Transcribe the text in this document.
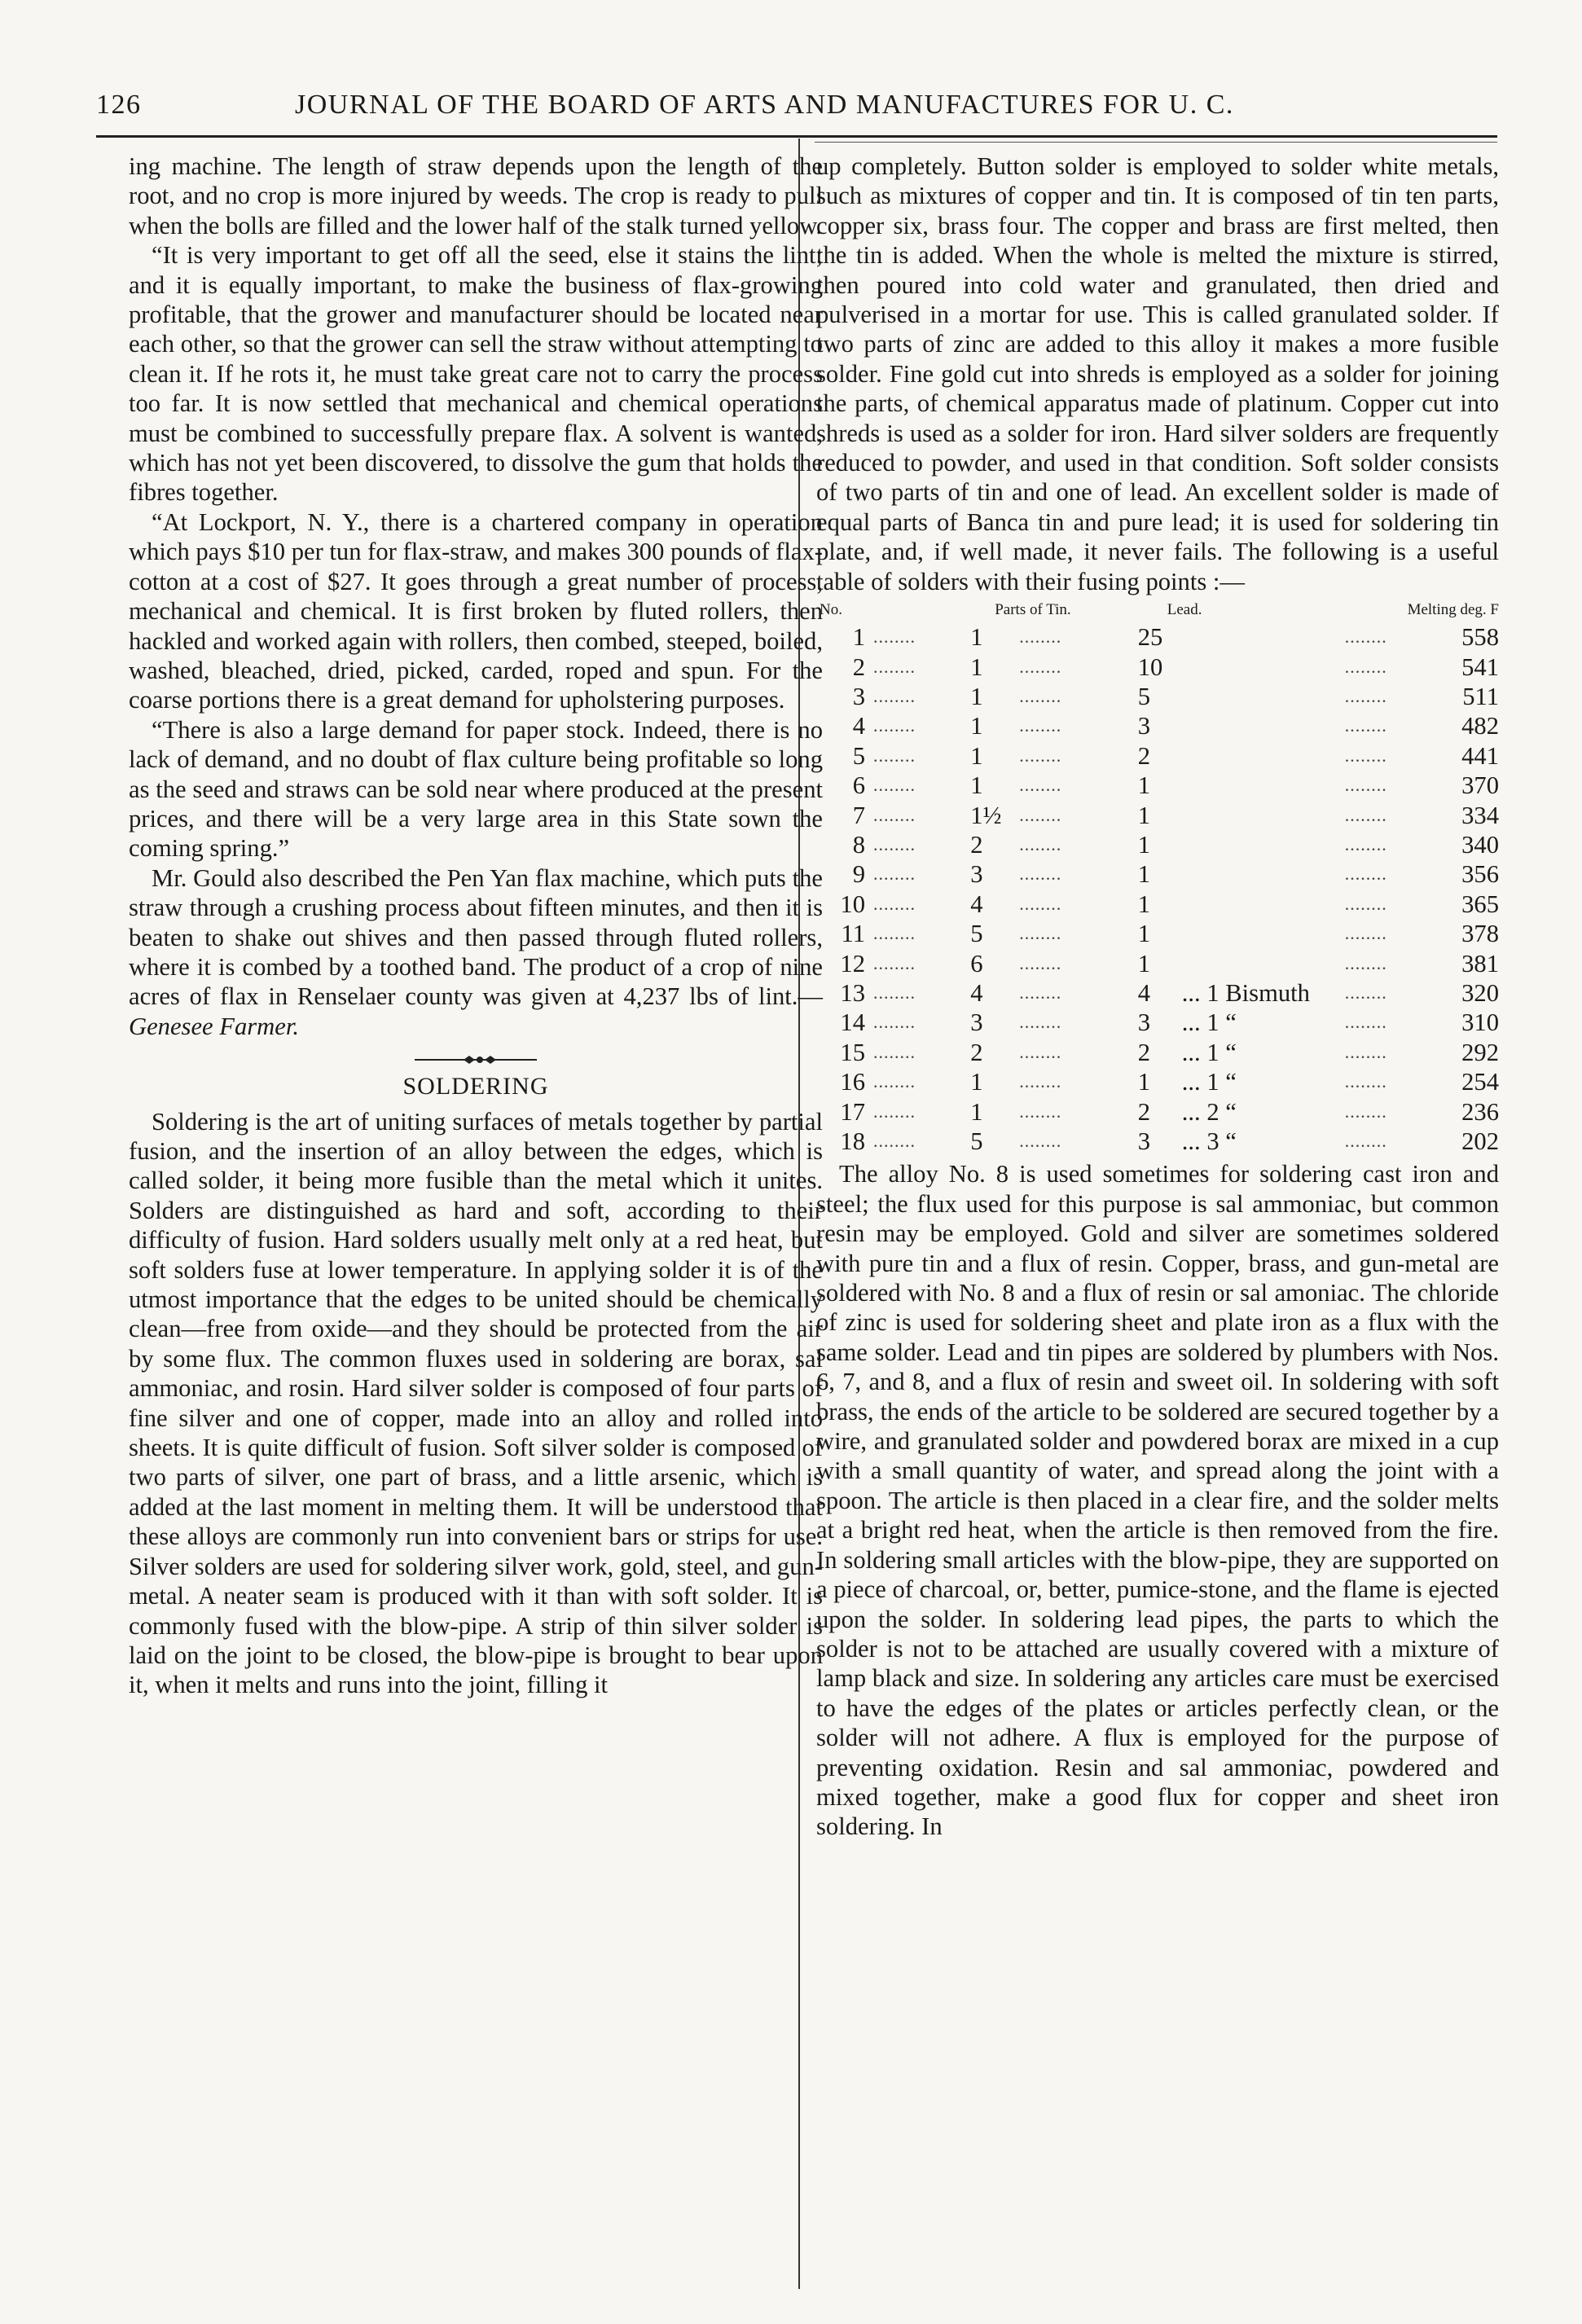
126	JOURNAL OF THE BOARD OF ARTS AND MANUFACTURES FOR U. C.

ing machine. The length of straw depends upon the length of the root, and no crop is more injured by weeds. The crop is ready to pull when the bolls are filled and the lower half of the stalk turned yellow.

“It is very important to get off all the seed, else it stains the lint; and it is equally important, to make the business of flax-growing profitable, that the grower and manufacturer should be located near each other, so that the grower can sell the straw without attempting to clean it. If he rots it, he must take great care not to carry the process too far. It is now settled that mechanical and chemical operations must be combined to successfully prepare flax. A solvent is wanted, which has not yet been discovered, to dissolve the gum that holds the fibres together.

“At Lockport, N. Y., there is a chartered company in operation which pays $10 per tun for flax-straw, and makes 300 pounds of flax-cotton at a cost of $27. It goes through a great number of process, mechanical and chemical. It is first broken by fluted rollers, then hackled and worked again with rollers, then combed, steeped, boiled, washed, bleached, dried, picked, carded, roped and spun. For the coarse portions there is a great demand for upholstering purposes.

“There is also a large demand for paper stock. Indeed, there is no lack of demand, and no doubt of flax culture being profitable so long as the seed and straws can be sold near where produced at the present prices, and there will be a very large area in this State sown the coming spring.”

Mr. Gould also described the Pen Yan flax machine, which puts the straw through a crushing process about fifteen minutes, and then it is beaten to shake out shives and then passed through fluted rollers, where it is combed by a toothed band. The product of a crop of nine acres of flax in Renselaer county was given at 4,237 lbs of lint.—Genesee Farmer.

SOLDERING

Soldering is the art of uniting surfaces of metals together by partial fusion, and the insertion of an alloy between the edges, which is called solder, it being more fusible than the metal which it unites. Solders are distinguished as hard and soft, according to their difficulty of fusion. Hard solders usually melt only at a red heat, but soft solders fuse at lower temperature. In applying solder it is of the utmost importance that the edges to be united should be chemically clean—free from oxide—and they should be protected from the air by some flux. The common fluxes used in soldering are borax, sal ammoniac, and rosin. Hard silver solder is composed of four parts of fine silver and one of copper, made into an alloy and rolled into sheets. It is quite difficult of fusion. Soft silver solder is composed of two parts of silver, one part of brass, and a little arsenic, which is added at the last moment in melting them. It will be understood that these alloys are commonly run into convenient bars or strips for use. Silver solders are used for soldering silver work, gold, steel, and gun-metal. A neater seam is produced with it than with soft solder. It is commonly fused with the blow-pipe. A strip of thin silver solder is laid on the joint to be closed, the blow-pipe is brought to bear upon it, when it melts and runs into the joint, filling it

up completely. Button solder is employed to solder white metals, such as mixtures of copper and tin. It is composed of tin ten parts, copper six, brass four. The copper and brass are first melted, then the tin is added. When the whole is melted the mixture is stirred, then poured into cold water and granulated, then dried and pulverised in a mortar for use. This is called granulated solder. If two parts of zinc are added to this alloy it makes a more fusible solder. Fine gold cut into shreds is employed as a solder for joining the parts, of chemical apparatus made of platinum. Copper cut into shreds is used as a solder for iron. Hard silver solders are frequently reduced to powder, and used in that condition. Soft solder consists of two parts of tin and one of lead. An excellent solder is made of equal parts of Banca tin and pure lead; it is used for soldering tin plate, and, if well made, it never fails. The following is a useful table of solders with their fusing points :—

No.		Parts of Tin.		Lead.		Melting deg. F	
1	........	1	........	25		........	558
2	........	1	........	10		........	541
3	........	1	........	5		........	511
4	........	1	........	3		........	482
5	........	1	........	2		........	441
6	........	1	........	1		........	370
7	........	1½	........	1		........	334
8	........	2	........	1		........	340
9	........	3	........	1		........	356
10	........	4	........	1		........	365
11	........	5	........	1		........	378
12	........	6	........	1		........	381
13	........	4	........	4	... 1 Bismuth	........	320
14	........	3	........	3	... 1 “	........	310
15	........	2	........	2	... 1 “	........	292
16	........	1	........	1	... 1 “	........	254
17	........	1	........	2	... 2 “	........	236
18	........	5	........	3	... 3 “	........	202

The alloy No. 8 is used sometimes for soldering cast iron and steel; the flux used for this purpose is sal ammoniac, but common resin may be employed. Gold and silver are sometimes soldered with pure tin and a flux of resin. Copper, brass, and gun-metal are soldered with No. 8 and a flux of resin or sal amoniac. The chloride of zinc is used for soldering sheet and plate iron as a flux with the same solder. Lead and tin pipes are soldered by plumbers with Nos. 6, 7, and 8, and a flux of resin and sweet oil. In soldering with soft brass, the ends of the article to be soldered are secured together by a wire, and granulated solder and powdered borax are mixed in a cup with a small quantity of water, and spread along the joint with a spoon. The article is then placed in a clear fire, and the solder melts at a bright red heat, when the article is then removed from the fire. In soldering small articles with the blow-pipe, they are supported on a piece of charcoal, or, better, pumice-stone, and the flame is ejected upon the solder. In soldering lead pipes, the parts to which the solder is not to be attached are usually covered with a mixture of lamp black and size. In soldering any articles care must be exercised to have the edges of the plates or articles perfectly clean, or the solder will not adhere. A flux is employed for the purpose of preventing oxidation. Resin and sal ammoniac, powdered and mixed together, make a good flux for copper and sheet iron soldering. In
